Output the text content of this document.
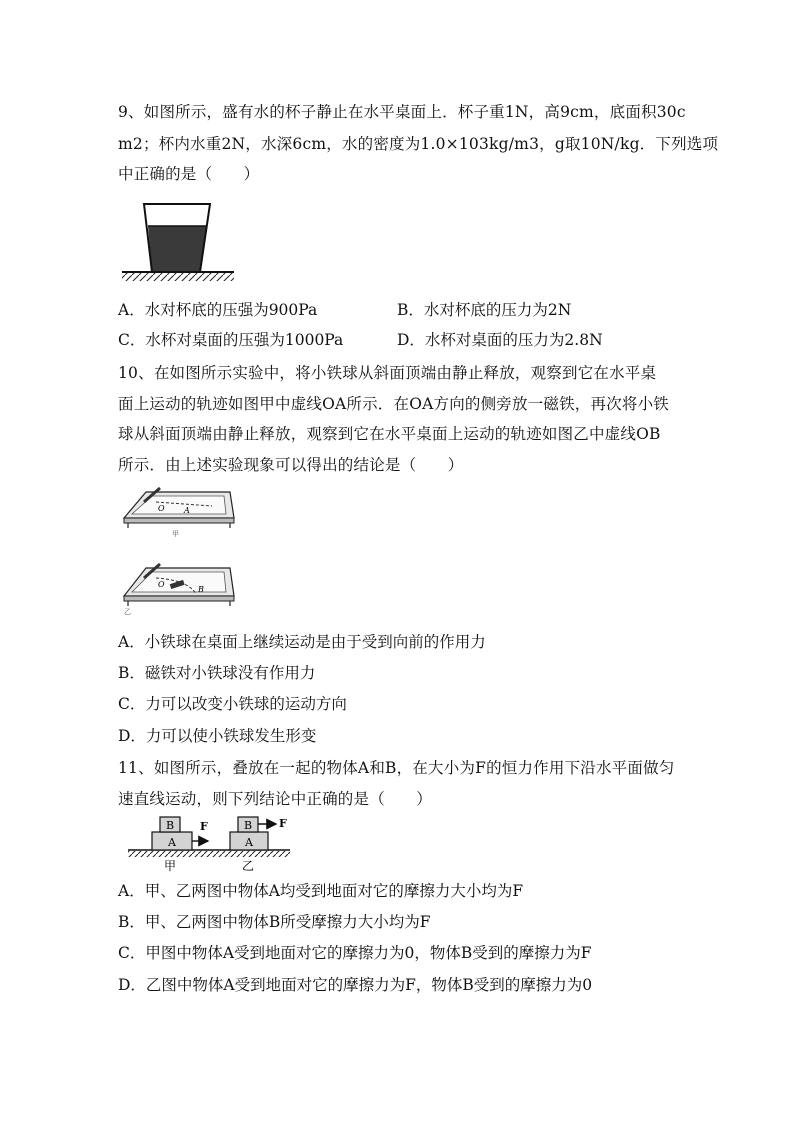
9、如图所示，盛有水的杯子静止在水平桌面上．杯子重1N，高9cm，底面积30c
m2；杯内水重2N，水深6cm，水的密度为1.0×103kg/m3，g取10N/kg．下列选项
中正确的是（　　）
A．水对杯底的压强为900Pa	B．水对杯底的压力为2N
C．水杯对桌面的压强为1000Pa	D．水杯对桌面的压力为2.8N
10、在如图所示实验中，将小铁球从斜面顶端由静止释放，观察到它在水平桌
面上运动的轨迹如图甲中虚线OA所示．在OA方向的侧旁放一磁铁，再次将小铁
球从斜面顶端由静止释放，观察到它在水平桌面上运动的轨迹如图乙中虚线OB
所示．由上述实验现象可以得出的结论是（　　）
O A
甲
O
B
乙
A．小铁球在桌面上继续运动是由于受到向前的作用力
B．磁铁对小铁球没有作用力
C．力可以改变小铁球的运动方向
D．力可以使小铁球发生形变
11、如图所示，叠放在一起的物体A和B，在大小为F的恒力作用下沿水平面做匀
速直线运动，则下列结论中正确的是（　　）
B
A
F
甲
B
A
F
乙
A．甲、乙两图中物体A均受到地面对它的摩擦力大小均为F
B．甲、乙两图中物体B所受摩擦力大小均为F
C．甲图中物体A受到地面对它的摩擦力为0，物体B受到的摩擦力为F
D．乙图中物体A受到地面对它的摩擦力为F，物体B受到的摩擦力为0
